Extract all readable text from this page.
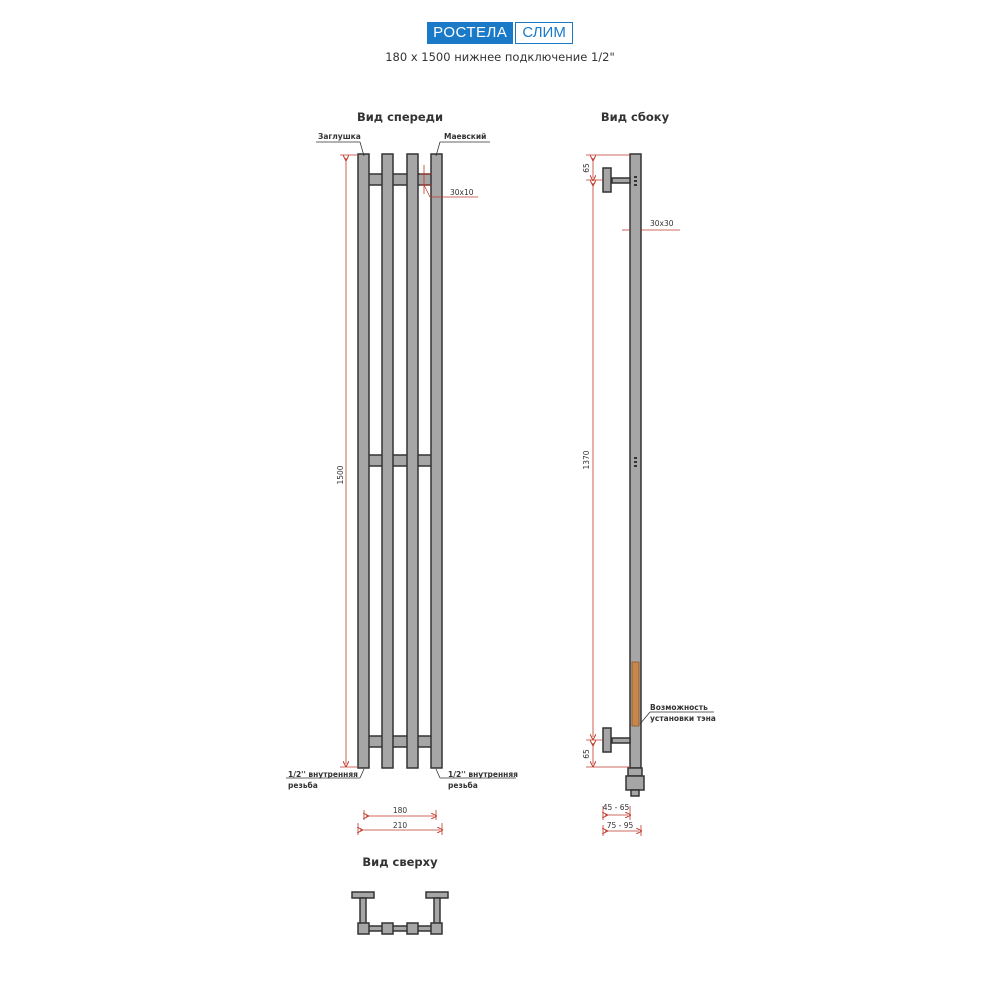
РОСТЕЛА	СЛИМ
180 x 1500 нижнее подключение 1/2"
Вид спереди
Заглушка	Маевский
30x10
1500
1/2'' внутренняя
резьба
1/2'' внутренняя
резьба
180
210
Вид сбоку
30x30
65
1370
65
Возможность
установки тэна
45 - 65
75 - 95
Вид сверху
